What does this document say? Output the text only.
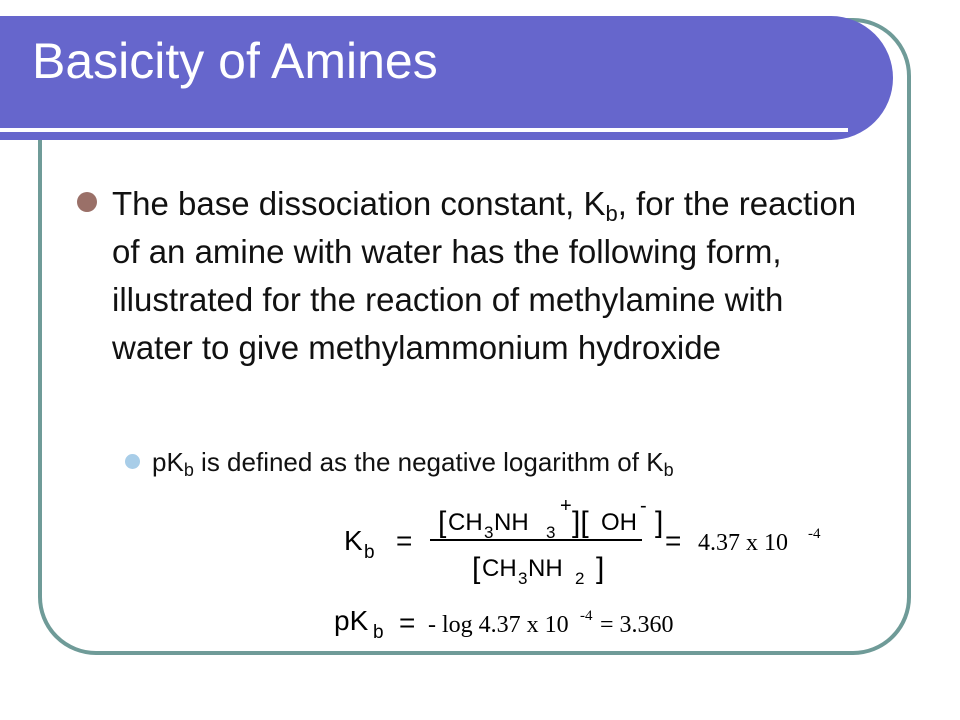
Basicity of Amines
The base dissociation constant, $K_b$, for the reaction of an amine with water has the following form, illustrated for the reaction of methylamine with water to give methylammonium hydroxide
$pK_b$ is defined as the negative logarithm of $K_b$
K b =
[ CH 3 NH 3
+ ][ OH
- ]
[ CH 3 NH 2 ]
= 4.37 x 10 -4
pK b = - log 4.37 x 10 -4 = 3.360
